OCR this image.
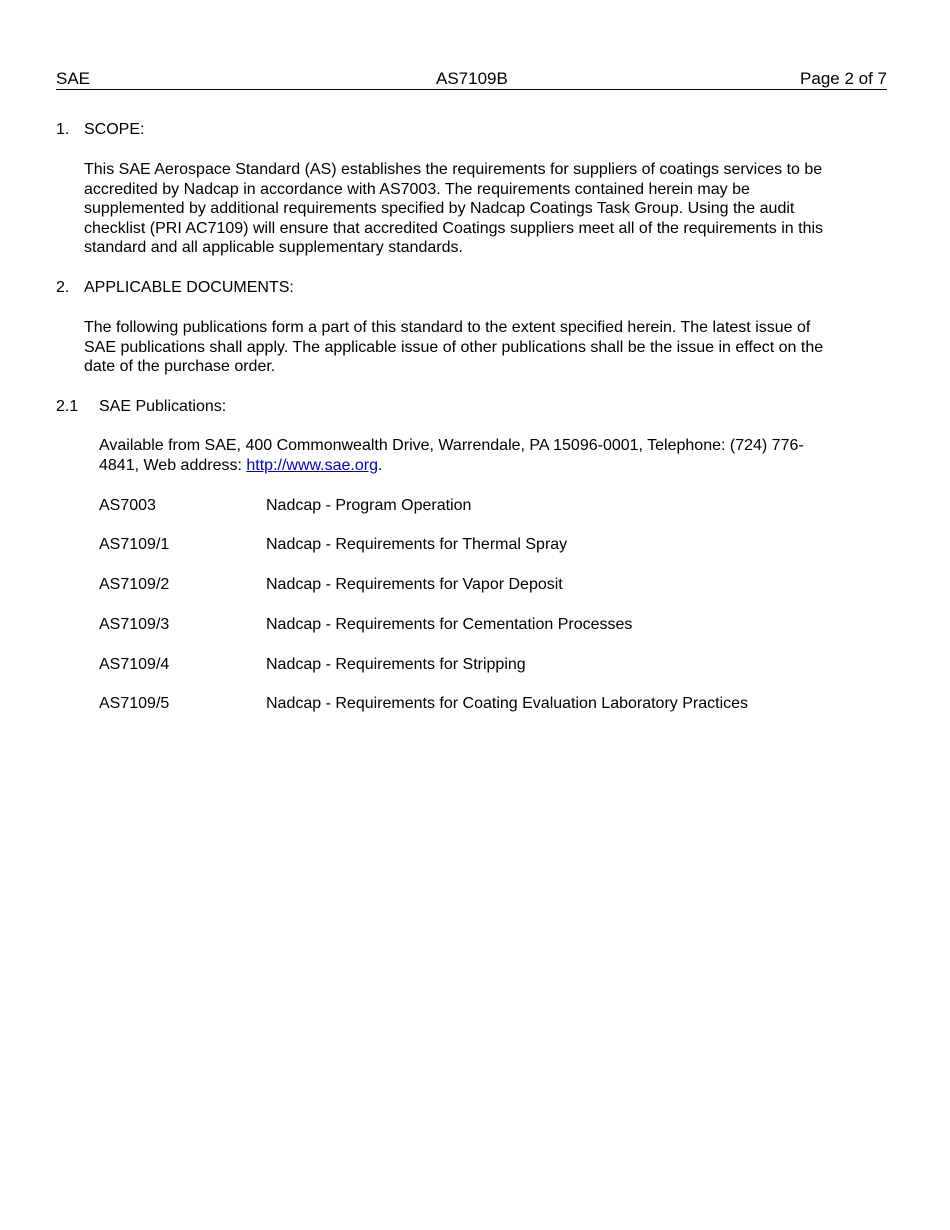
SAE	AS7109B	Page 2 of 7
1. SCOPE:
This SAE Aerospace Standard (AS) establishes the requirements for suppliers of coatings services to be
accredited by Nadcap in accordance with AS7003. The requirements contained herein may be
supplemented by additional requirements specified by Nadcap Coatings Task Group. Using the audit
checklist (PRI AC7109) will ensure that accredited Coatings suppliers meet all of the requirements in this
standard and all applicable supplementary standards.
2. APPLICABLE DOCUMENTS:
The following publications form a part of this standard to the extent specified herein. The latest issue of
SAE publications shall apply. The applicable issue of other publications shall be the issue in effect on the
date of the purchase order.
2.1 SAE Publications:
Available from SAE, 400 Commonwealth Drive, Warrendale, PA 15096-0001, Telephone: (724) 776-
4841, Web address: http://www.sae.org.
AS7003	Nadcap - Program Operation
AS7109/1	Nadcap - Requirements for Thermal Spray
AS7109/2	Nadcap - Requirements for Vapor Deposit
AS7109/3	Nadcap - Requirements for Cementation Processes
AS7109/4	Nadcap - Requirements for Stripping
AS7109/5	Nadcap - Requirements for Coating Evaluation Laboratory Practices
